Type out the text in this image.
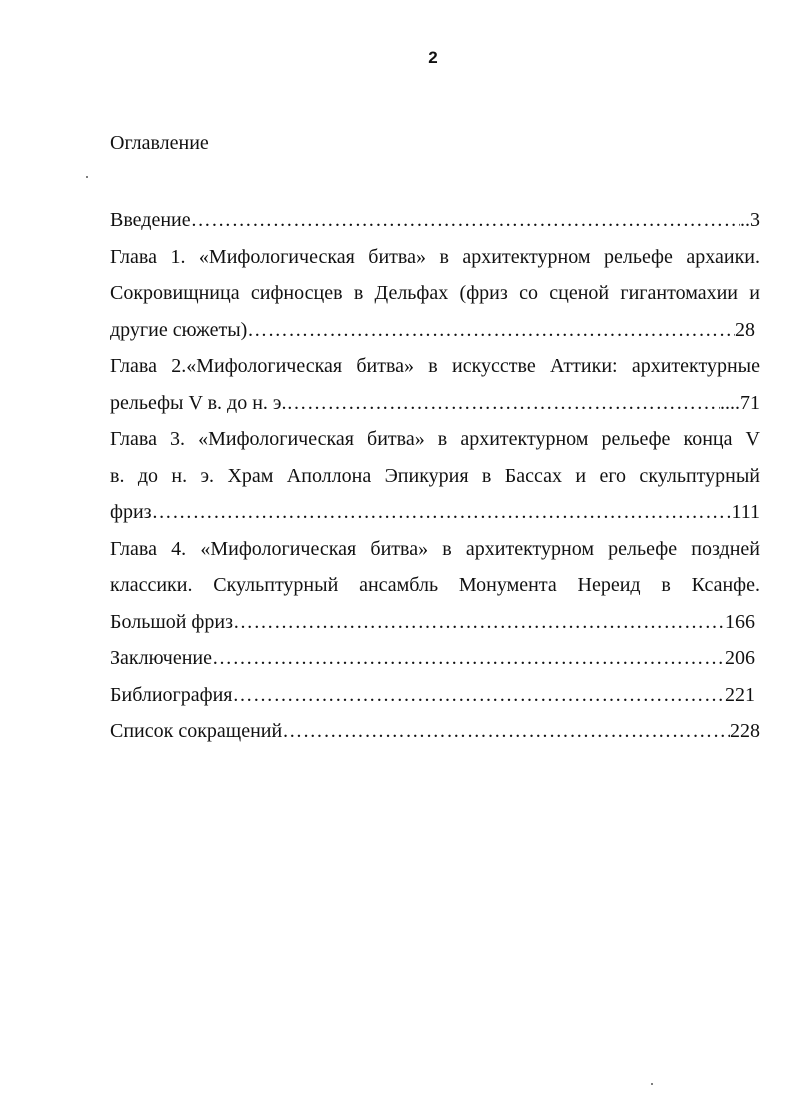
2
Оглавление
Введение ………………………………………………………………………………………………………………………………………………………	..3
Глава 1. «Мифологическая битва» в архитектурном рельефе архаики.
Сокровищница сифносцев в Дельфах (фриз со сценой гигантомахии и
другие сюжеты) ………………………………………………………………………………………………………………………………………………………	28
Глава 2.«Мифологическая битва» в искусстве Аттики: архитектурные
рельефы V в. до н. э. ………………………………………………………………………………………………………………………………………………………	....71
Глава 3. «Мифологическая битва» в архитектурном рельефе конца V
в. до н. э. Храм Аполлона Эпикурия в Бассах и его скульптурный
фриз ………………………………………………………………………………………………………………………………………………………	111
Глава 4. «Мифологическая битва» в архитектурном рельефе поздней
классики. Скульптурный ансамбль Монумента Нереид в Ксанфе.
Большой фриз ………………………………………………………………………………………………………………………………………………………	166
Заключение ………………………………………………………………………………………………………………………………………………………	206
Библиография ………………………………………………………………………………………………………………………………………………………	221
Список сокращений ………………………………………………………………………………………………………………………………………………………	228
